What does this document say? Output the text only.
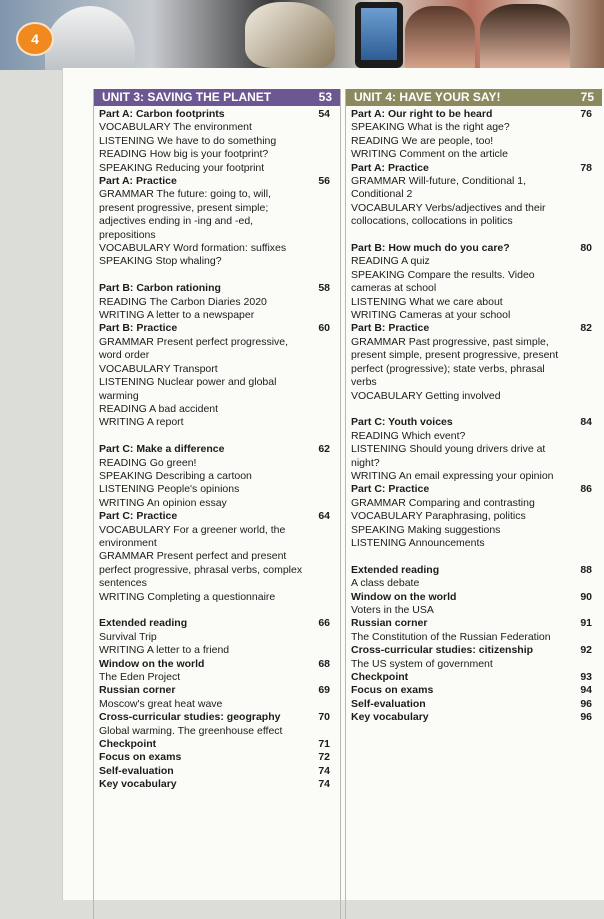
4
UNIT 3: SAVING THE PLANET	53
Part A: Carbon footprints	54
VOCABULARY The environment
LISTENING We have to do something
READING How big is your footprint?
SPEAKING Reducing your footprint
Part A: Practice	56
GRAMMAR The future: going to, will, present progressive, present simple; adjectives ending in -ing and -ed, prepositions
VOCABULARY Word formation: suffixes
SPEAKING Stop whaling?
Part B: Carbon rationing	58
READING The Carbon Diaries 2020
WRITING A letter to a newspaper
Part B: Practice	60
GRAMMAR Present perfect progressive, word order
VOCABULARY Transport
LISTENING Nuclear power and global warming
READING A bad accident
WRITING A report
Part C: Make a difference	62
READING Go green!
SPEAKING Describing a cartoon
LISTENING People's opinions
WRITING An opinion essay
Part C: Practice	64
VOCABULARY For a greener world, the environment
GRAMMAR Present perfect and present perfect progressive, phrasal verbs, complex sentences
WRITING Completing a questionnaire
Extended reading	66
Survival Trip
WRITING A letter to a friend
Window on the world	68
The Eden Project
Russian corner	69
Moscow's great heat wave
Cross-curricular studies: geography	70
Global warming. The greenhouse effect
Checkpoint	71
Focus on exams	72
Self-evaluation	74
Key vocabulary	74
UNIT 4: HAVE YOUR SAY!	75
Part A: Our right to be heard	76
SPEAKING What is the right age?
READING We are people, too!
WRITING Comment on the article
Part A: Practice	78
GRAMMAR Will-future, Conditional 1, Conditional 2
VOCABULARY Verbs/adjectives and their collocations, collocations in politics
Part B: How much do you care?	80
READING A quiz
SPEAKING Compare the results. Video cameras at school
LISTENING What we care about
WRITING Cameras at your school
Part B: Practice	82
GRAMMAR Past progressive, past simple, present simple, present progressive, present perfect (progressive); state verbs, phrasal verbs
VOCABULARY Getting involved
Part C: Youth voices	84
READING Which event?
LISTENING Should young drivers drive at night?
WRITING An email expressing your opinion
Part C: Practice	86
GRAMMAR Comparing and contrasting
VOCABULARY Paraphrasing, politics
SPEAKING Making suggestions
LISTENING Announcements
Extended reading	88
A class debate
Window on the world	90
Voters in the USA
Russian corner	91
The Constitution of the Russian Federation
Cross-curricular studies: citizenship	92
The US system of government
Checkpoint	93
Focus on exams	94
Self-evaluation	96
Key vocabulary	96
